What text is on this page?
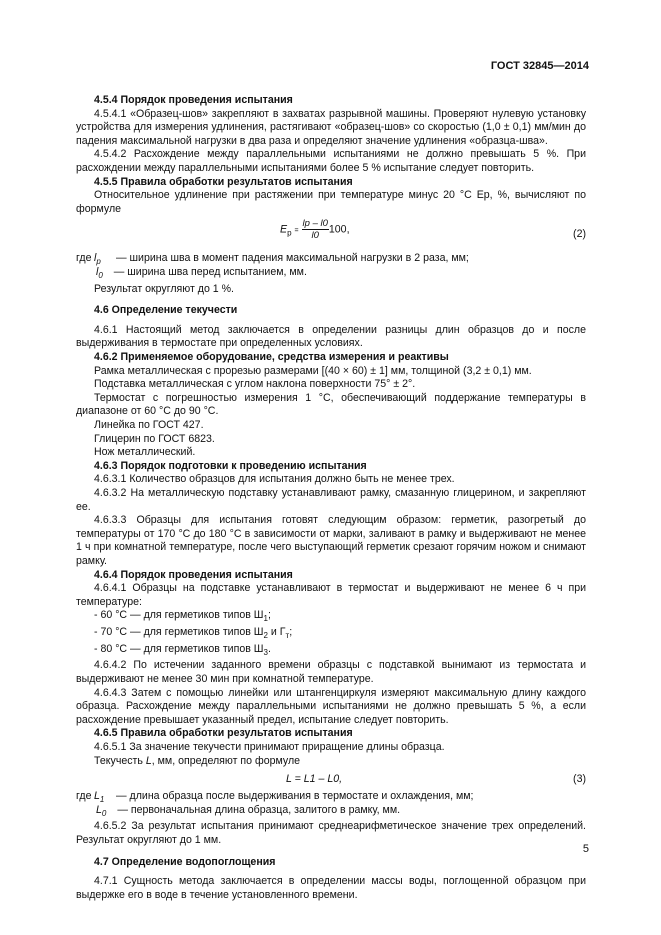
ГОСТ 32845—2014

4.5.4 Порядок проведения испытания

4.5.4.1 «Образец-шов» закрепляют в захватах разрывной машины. Проверяют нулевую установку устройства для измерения удлинения, растягивают «образец-шов» со скоростью (1,0 ± 0,1) мм/мин до падения максимальной нагрузки в два раза и определяют значение удлинения «образца-шва».

4.5.4.2 Расхождение между параллельными испытаниями не должно превышать 5 %. При расхождении между параллельными испытаниями более 5 % испытание следует повторить.

4.5.5 Правила обработки результатов испытания

Относительное удлинение при растяжении при температуре минус 20 °С Еp, %, вычисляют по формуле

$E_p = \frac{lp - l0}{l0} 100$,	(2)
где $l_p$ — ширина шва в момент падения максимальной нагрузки в 2 раза, мм;
$l_0$ — ширина шва перед испытанием, мм.

Результат округляют до 1 %.

4.6 Определение текучести

4.6.1 Настоящий метод заключается в определении разницы длин образцов до и после выдерживания в термостате при определенных условиях.

4.6.2 Применяемое оборудование, средства измерения и реактивы

Рамка металлическая с прорезью размерами [(40 × 60) ± 1] мм, толщиной (3,2 ± 0,1) мм.

Подставка металлическая с углом наклона поверхности 75° ± 2°.

Термостат с погрешностью измерения 1 °С, обеспечивающий поддержание температуры в диапазоне от 60 °С до 90 °С.

Линейка по ГОСТ 427.

Глицерин по ГОСТ 6823.

Нож металлический.

4.6.3 Порядок подготовки к проведению испытания

4.6.3.1 Количество образцов для испытания должно быть не менее трех.

4.6.3.2 На металлическую подставку устанавливают рамку, смазанную глицерином, и закрепляют ее.

4.6.3.3 Образцы для испытания готовят следующим образом: герметик, разогретый до температуры от 170 °С до 180 °С в зависимости от марки, заливают в рамку и выдерживают не менее 1 ч при комнатной температуре, после чего выступающий герметик срезают горячим ножом и снимают рамку.

4.6.4 Порядок проведения испытания

4.6.4.1 Образцы на подставке устанавливают в термостат и выдерживают не менее 6 ч при температуре:

- 60 °С — для герметиков типов $Ш_1$;

- 70 °С — для герметиков типов $Ш_2$ и $Г_т$;

- 80 °С — для герметиков типов $Ш_3$.

4.6.4.2 По истечении заданного времени образцы с подставкой вынимают из термостата и выдерживают не менее 30 мин при комнатной температуре.

4.6.4.3 Затем с помощью линейки или штангенциркуля измеряют максимальную длину каждого образца. Расхождение между параллельными испытаниями не должно превышать 5 %, а если расхождение превышает указанный предел, испытание следует повторить.

4.6.5 Правила обработки результатов испытания

4.6.5.1 За значение текучести принимают приращение длины образца.

Текучесть L, мм, определяют по формуле

L = L1 – L0,	(3)
где $L_1$ — длина образца после выдерживания в термостате и охлаждения, мм;
$L_0$ — первоначальная длина образца, залитого в рамку, мм.

4.6.5.2 За результат испытания принимают среднеарифметическое значение трех определений. Результат округляют до 1 мм.

4.7 Определение водопоглощения

4.7.1 Сущность метода заключается в определении массы воды, поглощенной образцом при выдержке его в воде в течение установленного времени.

5
